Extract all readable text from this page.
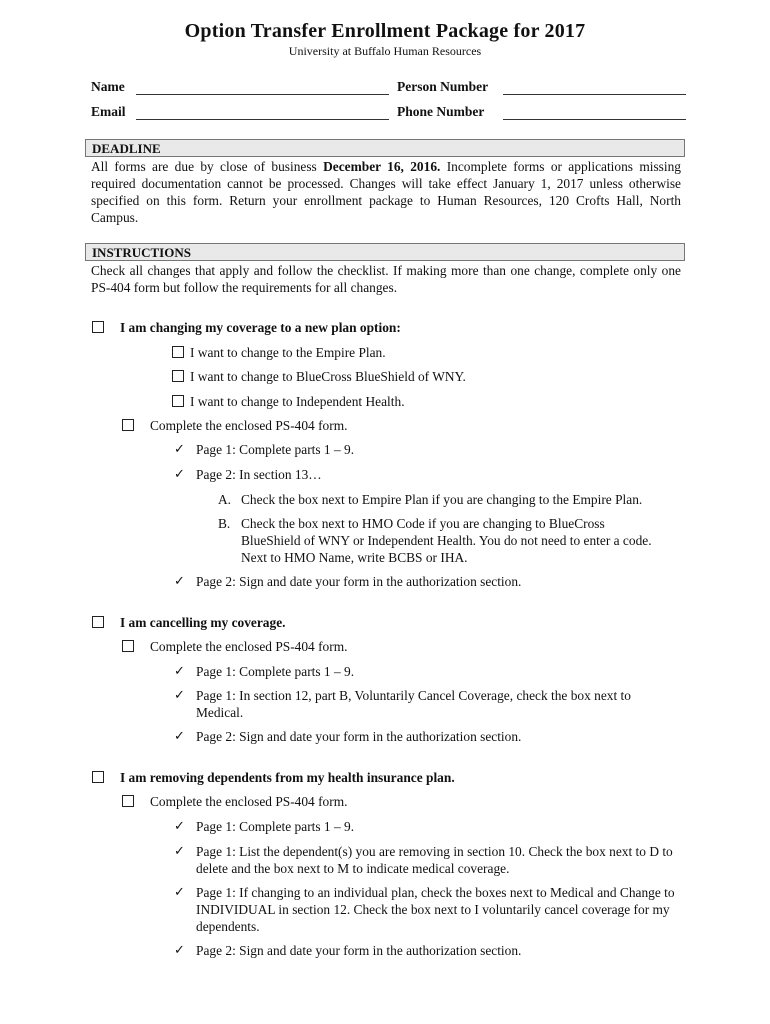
Option Transfer Enrollment Package for 2017
University at Buffalo Human Resources
Name	Person Number
Email	Phone Number
DEADLINE
All forms are due by close of business December 16, 2016. Incomplete forms or applications missing required documentation cannot be processed. Changes will take effect January 1, 2017 unless otherwise specified on this form. Return your enrollment package to Human Resources, 120 Crofts Hall, North Campus.
INSTRUCTIONS
Check all changes that apply and follow the checklist. If making more than one change, complete only one PS-404 form but follow the requirements for all changes.
I am changing my coverage to a new plan option:
I want to change to the Empire Plan.
I want to change to BlueCross BlueShield of WNY.
I want to change to Independent Health.
Complete the enclosed PS-404 form.
✓ Page 1: Complete parts 1 – 9.
✓ Page 2: In section 13…
A. Check the box next to Empire Plan if you are changing to the Empire Plan.
B. Check the box next to HMO Code if you are changing to BlueCross BlueShield of WNY or Independent Health. You do not need to enter a code. Next to HMO Name, write BCBS or IHA.
✓ Page 2: Sign and date your form in the authorization section.
I am cancelling my coverage.
Complete the enclosed PS-404 form.
✓ Page 1: Complete parts 1 – 9.
✓ Page 1: In section 12, part B, Voluntarily Cancel Coverage, check the box next to Medical.
✓ Page 2: Sign and date your form in the authorization section.
I am removing dependents from my health insurance plan.
Complete the enclosed PS-404 form.
✓ Page 1: Complete parts 1 – 9.
✓ Page 1: List the dependent(s) you are removing in section 10. Check the box next to D to delete and the box next to M to indicate medical coverage.
✓ Page 1: If changing to an individual plan, check the boxes next to Medical and Change to INDIVIDUAL in section 12. Check the box next to I voluntarily cancel coverage for my dependents.
✓ Page 2: Sign and date your form in the authorization section.
